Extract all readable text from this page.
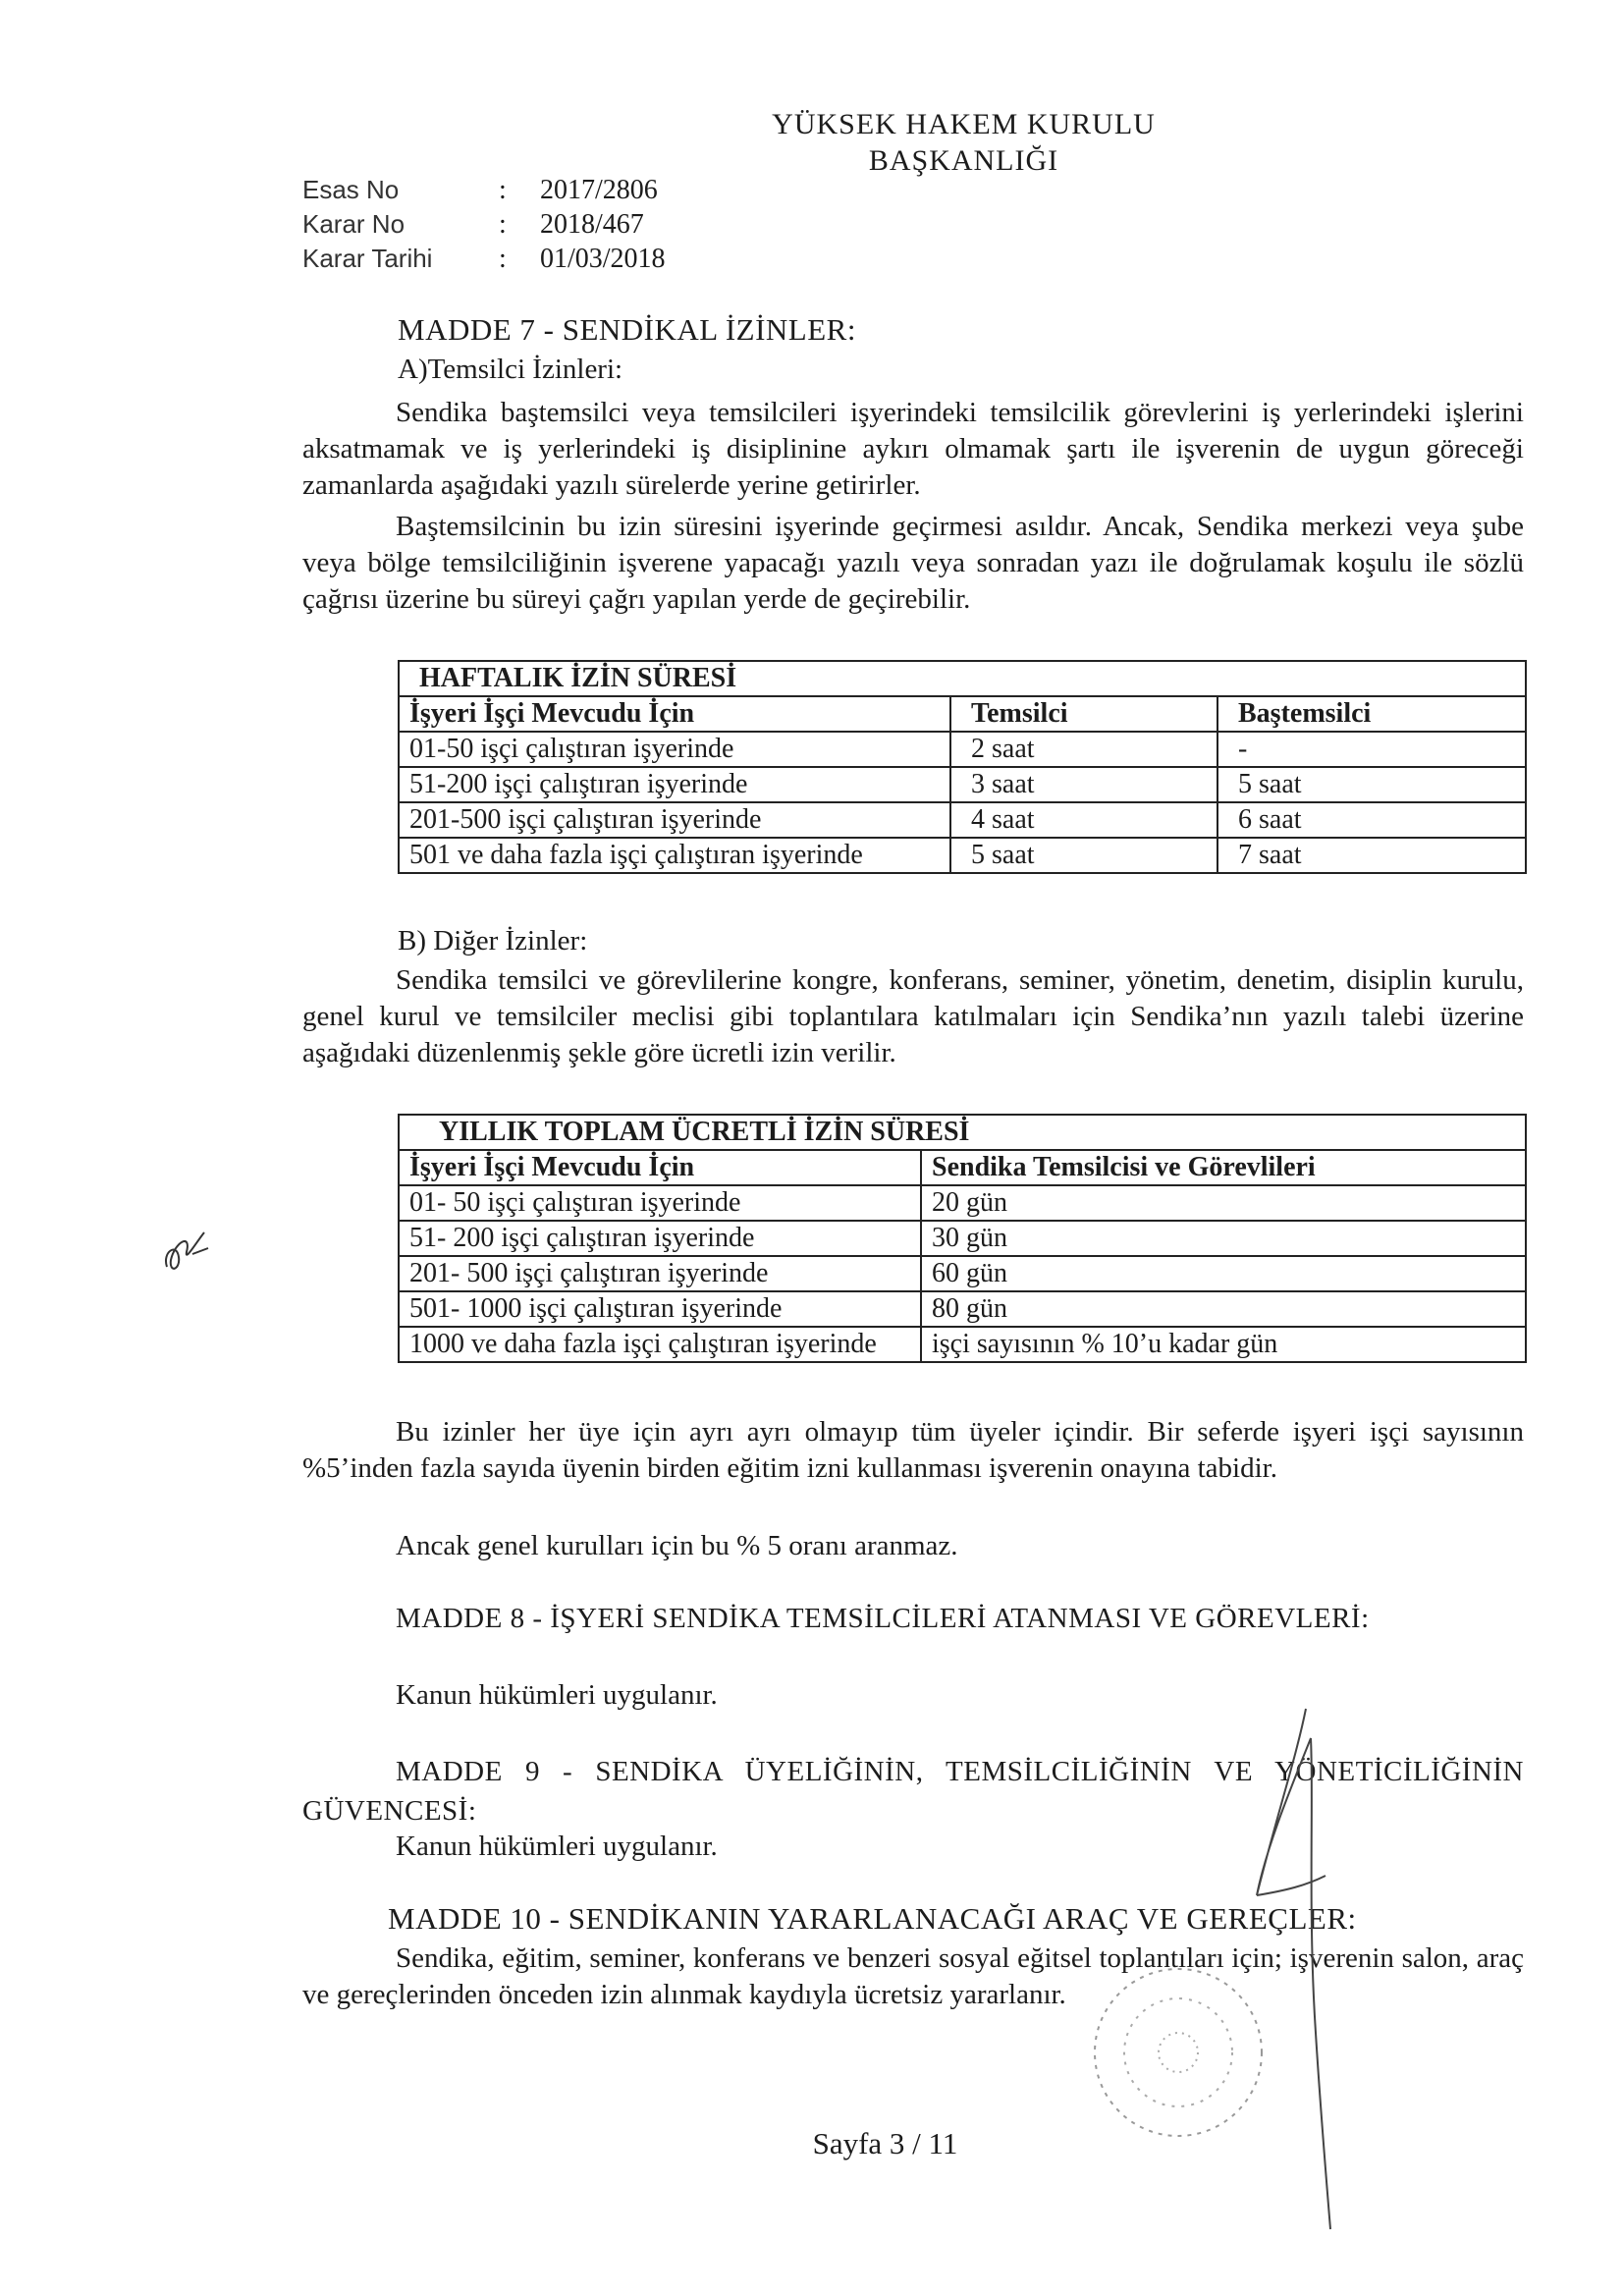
YÜKSEK HAKEM KURULU
BAŞKANLIĞI
Esas No	:	2017/2806
Karar No	:	2018/467
Karar Tarihi	:	01/03/2018
MADDE 7 - SENDİKAL İZİNLER:
A)Temsilci İzinleri:
Sendika baştemsilci veya temsilcileri işyerindeki temsilcilik görevlerini iş yerlerindeki işlerini aksatmamak ve iş yerlerindeki iş disiplinine aykırı olmamak şartı ile işverenin de uygun göreceği zamanlarda aşağıdaki yazılı sürelerde yerine getirirler.
Baştemsilcinin bu izin süresini işyerinde geçirmesi asıldır. Ancak, Sendika merkezi veya şube veya bölge temsilciliğinin işverene yapacağı yazılı veya sonradan yazı ile doğrulamak koşulu ile sözlü çağrısı üzerine bu süreyi çağrı yapılan yerde de geçirebilir.
HAFTALIK İZİN SÜRESİ		
İşyeri İşçi Mevcudu İçin	Temsilci	Baştemsilci
01-50 işçi çalıştıran işyerinde	2 saat	-
51-200 işçi çalıştıran işyerinde	3 saat	5 saat
201-500 işçi çalıştıran işyerinde	4 saat	6 saat
501 ve daha fazla işçi çalıştıran işyerinde	5 saat	7 saat
B) Diğer İzinler:
Sendika temsilci ve görevlilerine kongre, konferans, seminer, yönetim, denetim, disiplin kurulu, genel kurul ve temsilciler meclisi gibi toplantılara katılmaları için Sendika’nın yazılı talebi üzerine aşağıdaki düzenlenmiş şekle göre ücretli izin verilir.
YILLIK TOPLAM ÜCRETLİ İZİN SÜRESİ	
İşyeri İşçi Mevcudu İçin	Sendika Temsilcisi ve Görevlileri
01- 50 işçi çalıştıran işyerinde	20 gün
51- 200 işçi çalıştıran işyerinde	30 gün
201- 500 işçi çalıştıran işyerinde	60 gün
501- 1000 işçi çalıştıran işyerinde	80 gün
1000 ve daha fazla işçi çalıştıran işyerinde	işçi sayısının % 10’u kadar gün
Bu izinler her üye için ayrı ayrı olmayıp tüm üyeler içindir. Bir seferde işyeri işçi sayısının %5’inden fazla sayıda üyenin birden eğitim izni kullanması işverenin onayına tabidir.
Ancak genel kurulları için bu % 5 oranı aranmaz.
MADDE 8 - İŞYERİ SENDİKA TEMSİLCİLERİ ATANMASI VE GÖREVLERİ:
Kanun hükümleri uygulanır.
MADDE 9 - SENDİKA ÜYELİĞİNİN, TEMSİLCİLİĞİNİN VE YÖNETİCİLİĞİNİN GÜVENCESİ:
Kanun hükümleri uygulanır.
MADDE 10 - SENDİKANIN YARARLANACAĞI ARAÇ VE GEREÇLER:
Sendika, eğitim, seminer, konferans ve benzeri sosyal eğitsel toplantıları için; işverenin salon, araç ve gereçlerinden önceden izin alınmak kaydıyla ücretsiz yararlanır.
Sayfa 3 / 11
